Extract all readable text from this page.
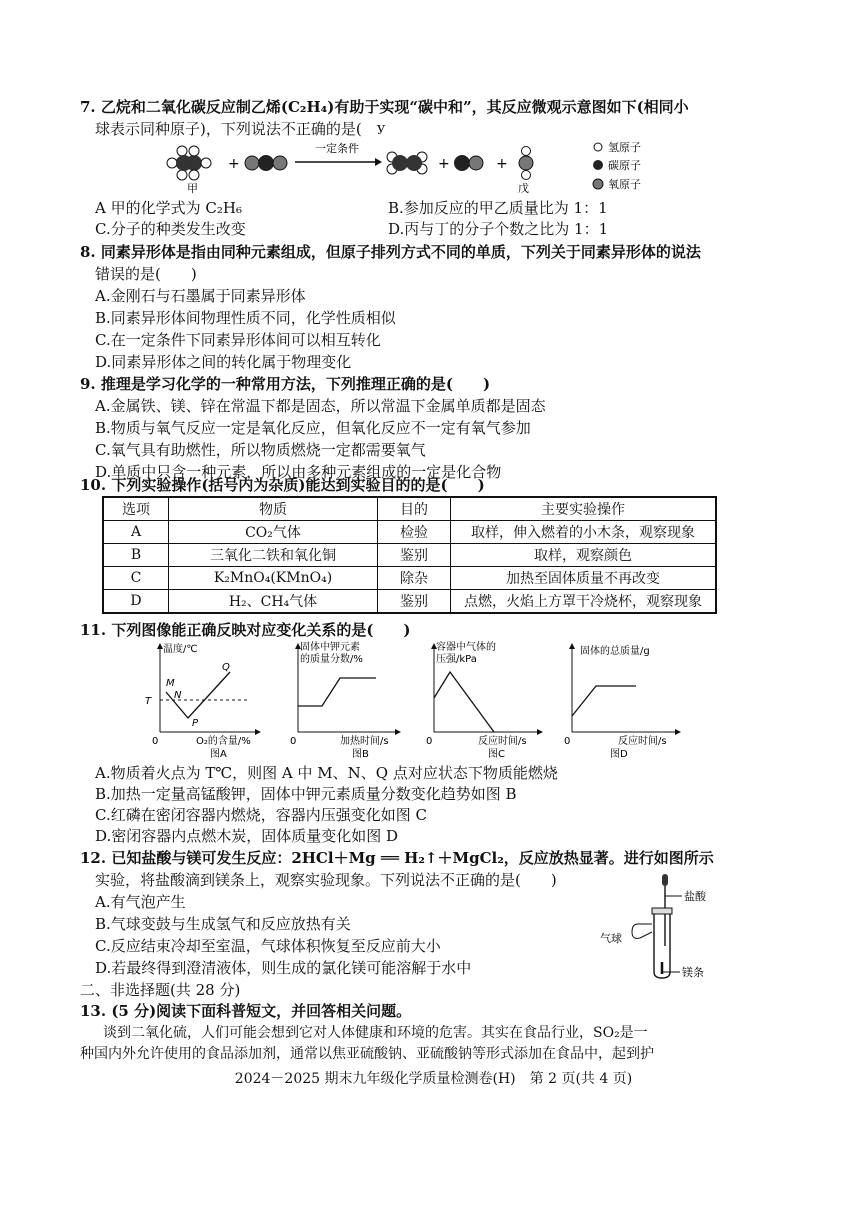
7. 乙烷和二氧化碳反应制乙烯(C₂H₄)有助于实现“碳中和”，其反应微观示意图如下(相同小
球表示同种原子)，下列说法不正确的是(　 У
甲
+
一定条件
+	+
戊
氢原子
碳原子
氧原子
A 甲的化学式为 C₂H₆	B.参加反应的甲乙质量比为 1：1
C.分子的种类发生改变	D.丙与丁的分子个数之比为 1：1
8. 同素异形体是指由同种元素组成，但原子排列方式不同的单质，下列关于同素异形体的说法
错误的是(　　)
A.金刚石与石墨属于同素异形体
B.同素异形体间物理性质不同，化学性质相似
C.在一定条件下同素异形体间可以相互转化
D.同素异形体之间的转化属于物理变化
9. 推理是学习化学的一种常用方法，下列推理正确的是(　　)
A.金属铁、镁、锌在常温下都是固态，所以常温下金属单质都是固态
B.物质与氧气反应一定是氧化反应，但氧化反应不一定有氧气参加
C.氧气具有助燃性，所以物质燃烧一定都需要氧气
D.单质中只含一种元素，所以由多种元素组成的一定是化合物
10. 下列实验操作(括号内为杂质)能达到实验目的的是(　　)
选项	物质	目的	主要实验操作
A	CO₂气体	检验	取样，伸入燃着的小木条，观察现象
B	三氧化二铁和氧化铜	鉴别	取样，观察颜色
C	K₂MnO₄(KMnO₄)	除杂	加热至固体质量不再改变
D	H₂、CH₄气体	鉴别	点燃，火焰上方罩干冷烧杯，观察现象
11. 下列图像能正确反映对应变化关系的是(　　)
温度/℃
O₂的含量/%
0
T
M
N
P
Q
图A
固体中钾元素
的质量分数/%
加热时间/s
0
图B
容器中气体的
压强/kPa
反应时间/s
0
图C
固体的总质量/g
反应时间/s
0
图D
A.物质着火点为 T℃，则图 A 中 M、N、Q 点对应状态下物质能燃烧
B.加热一定量高锰酸钾，固体中钾元素质量分数变化趋势如图 B
C.红磷在密闭容器内燃烧，容器内压强变化如图 C
D.密闭容器内点燃木炭，固体质量变化如图 D
12. 已知盐酸与镁可发生反应：2HCl＋Mg ══ H₂↑＋MgCl₂，反应放热显著。进行如图所示
实验，将盐酸滴到镁条上，观察实验现象。下列说法不正确的是(　　)
A.有气泡产生
B.气球变鼓与生成氢气和反应放热有关
C.反应结束冷却至室温，气球体积恢复至反应前大小
D.若最终得到澄清液体，则生成的氯化镁可能溶解于水中
盐酸
气球
镁条
二、非选择题(共 28 分)
13. (5 分)阅读下面科普短文，并回答相关问题。
谈到二氧化硫，人们可能会想到它对人体健康和环境的危害。其实在食品行业，SO₂是一
种国内外允许使用的食品添加剂，通常以焦亚硫酸钠、亚硫酸钠等形式添加在食品中，起到护
2024－2025 期末九年级化学质量检测卷(H)　第 2 页(共 4 页)
